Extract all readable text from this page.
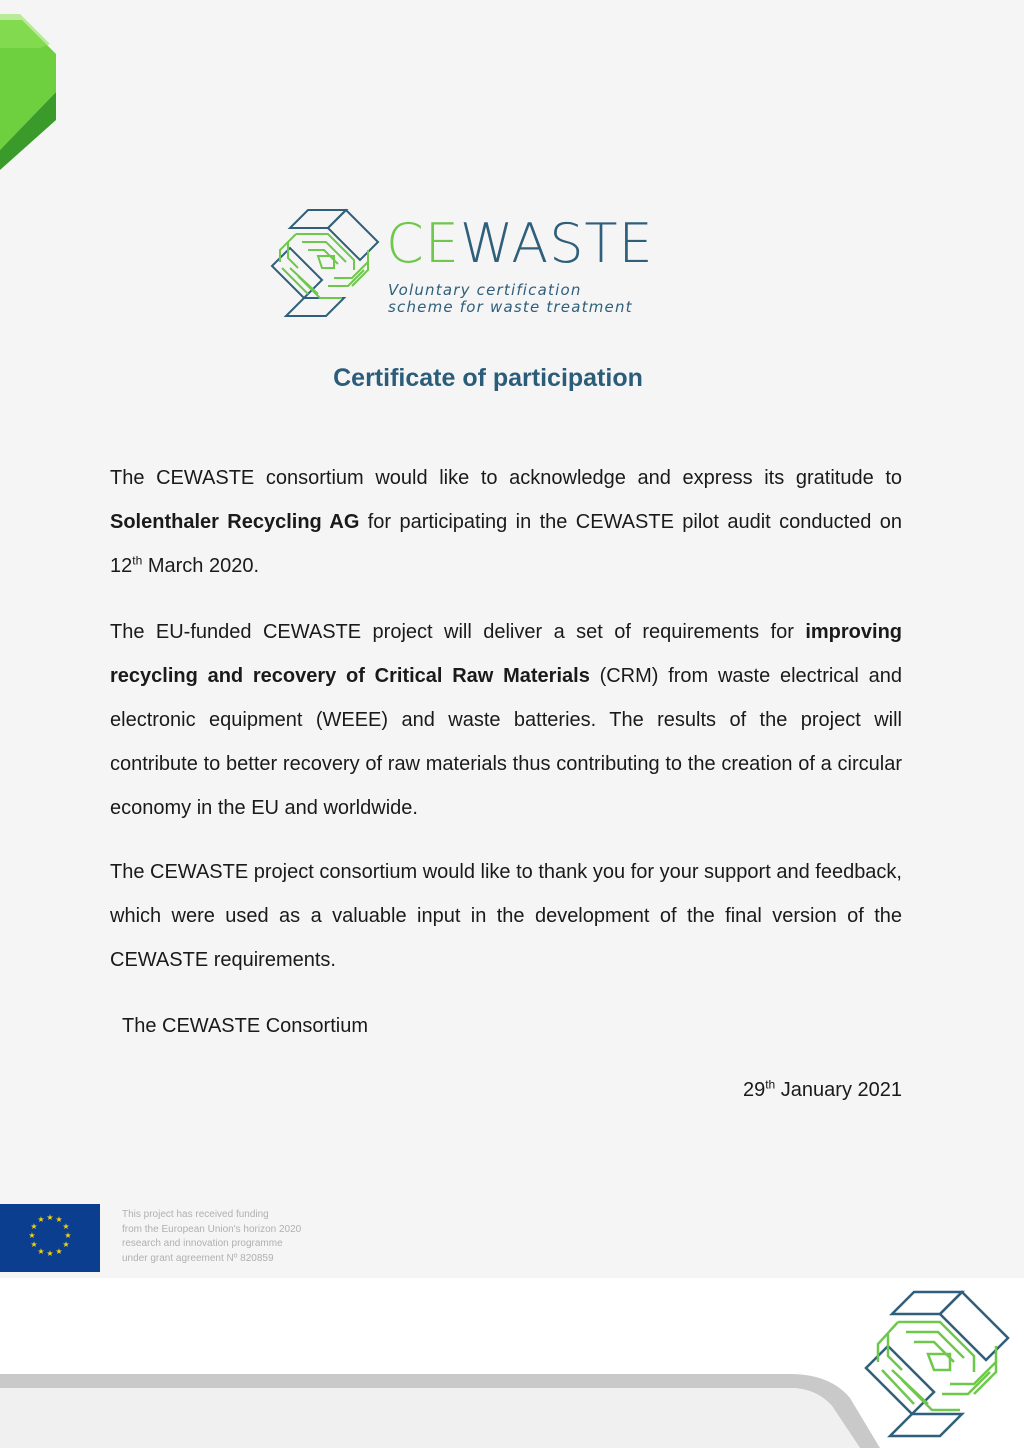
CEWASTE
Voluntary certification
scheme for waste treatment
Certificate of participation
The CEWASTE consortium would like to acknowledge and express its gratitude to Solenthaler Recycling AG for participating in the CEWASTE pilot audit conducted on 12th March 2020.
The EU-funded CEWASTE project will deliver a set of requirements for improving recycling and recovery of Critical Raw Materials (CRM) from waste electrical and electronic equipment (WEEE) and waste batteries. The results of the project will contribute to better recovery of raw materials thus contributing to the creation of a circular economy in the EU and worldwide.
The CEWASTE project consortium would like to thank you for your support and feedback, which were used as a valuable input in the development of the final version of the CEWASTE requirements.
The CEWASTE Consortium
29th January 2021
★ ★
★
★
★
★
★
★
★
★
★
★	This project has received funding
from the European Union's horizon 2020
research and innovation programme
under grant agreement Nº 820859
